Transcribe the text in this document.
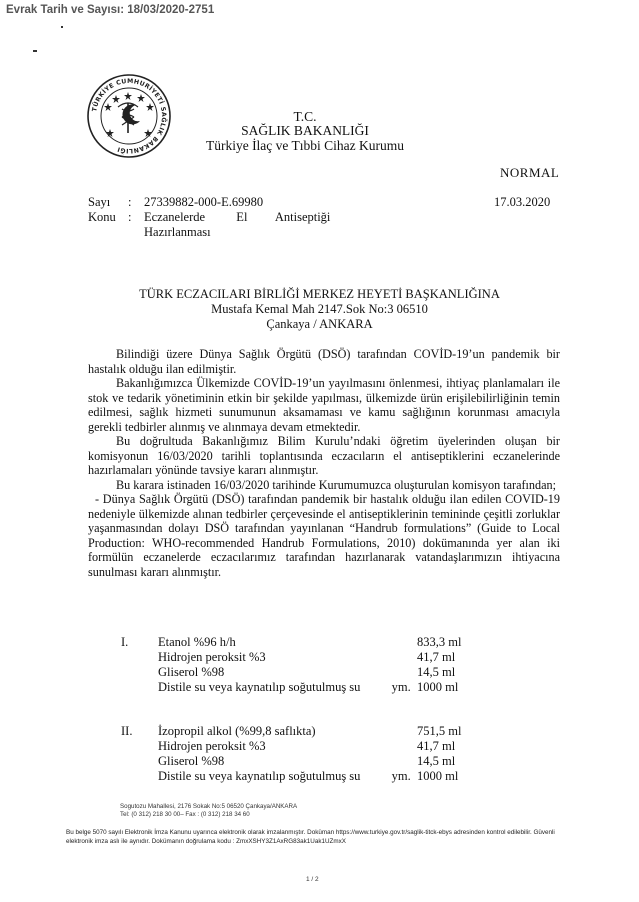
Evrak Tarih ve Sayısı: 18/03/2020-2751
TÜRKİYE CUMHURİYETİ SAĞLIK BAKANLIĞI
T.C.
SAĞLIK BAKANLIĞI
Türkiye İlaç ve Tıbbi Cihaz Kurumu
NORMAL
Sayı : 27339882-000-E.69980	17.03.2020
Konu : Eczanelerde          El         Antiseptiği
Hazırlanması
TÜRK ECZACILARI BİRLİĞİ MERKEZ HEYETİ BAŞKANLIĞINA
Mustafa Kemal Mah 2147.Sok No:3 06510
Çankaya / ANKARA

Bilindiği üzere Dünya Sağlık Örgütü (DSÖ) tarafından COVİD-19’un pandemik bir hastalık olduğu ilan edilmiştir.

Bakanlığımızca Ülkemizde COVİD-19’un yayılmasını önlenmesi, ihtiyaç planlamaları ile stok ve tedarik yönetiminin etkin bir şekilde yapılması, ülkemizde ürün erişilebilirliğinin temin edilmesi, sağlık hizmeti sunumunun aksamaması ve kamu sağlığının korunması amacıyla gerekli tedbirler alınmış ve alınmaya devam etmektedir.

Bu doğrultuda Bakanlığımız Bilim Kurulu’ndaki öğretim üyelerinden oluşan bir komisyonun 16/03/2020 tarihli toplantısında eczacıların el antiseptiklerini eczanelerinde hazırlamaları yönünde tavsiye kararı alınmıştır.

Bu karara istinaden 16/03/2020 tarihinde Kurumumuzca oluşturulan komisyon tarafından;

- Dünya Sağlık Örgütü (DSÖ) tarafından pandemik bir hastalık olduğu ilan edilen COVID-19 nedeniyle ülkemizde alınan tedbirler çerçevesinde el antiseptiklerinin temininde çeşitli zorluklar yaşanmasından dolayı DSÖ tarafından yayınlanan “Handrub formulations” (Guide to Local Production: WHO-recommended Handrub Formulations, 2010) dokümanında yer alan iki formülün eczanelerde eczacılarımız tarafından hazırlanarak vatandaşlarımızın ihtiyacına sunulması kararı alınmıştır.

I. Etanol %96 h/h	833,3 ml
Hidrojen peroksit %3	41,7 ml
Gliserol %98	14,5 ml
Distile su veya kaynatılıp soğutulmuş su          ym. 1000 ml
II. İzopropil alkol (%99,8 saflıkta)	751,5 ml
Hidrojen peroksit %3	41,7 ml
Gliserol %98	14,5 ml
Distile su veya kaynatılıp soğutulmuş su          ym. 1000 ml
Sogutozu Mahallesi, 2176 Sokak No:5 06520 Çankaya/ANKARA
Tel: (0 312) 218 30 00– Fax : (0 312) 218 34 60
Bu belge 5070 sayılı Elektronik İmza Kanunu uyarınca elektronik olarak imzalanmıştır. Doküman https://www.turkiye.gov.tr/saglik-titck-ebys adresinden kontrol edilebilir. Güvenli elektronik imza aslı ile aynıdır. Dokümanın doğrulama kodu : ZmxXSHY3Z1AxRG83ak1Uak1UZmxX
1 / 2
